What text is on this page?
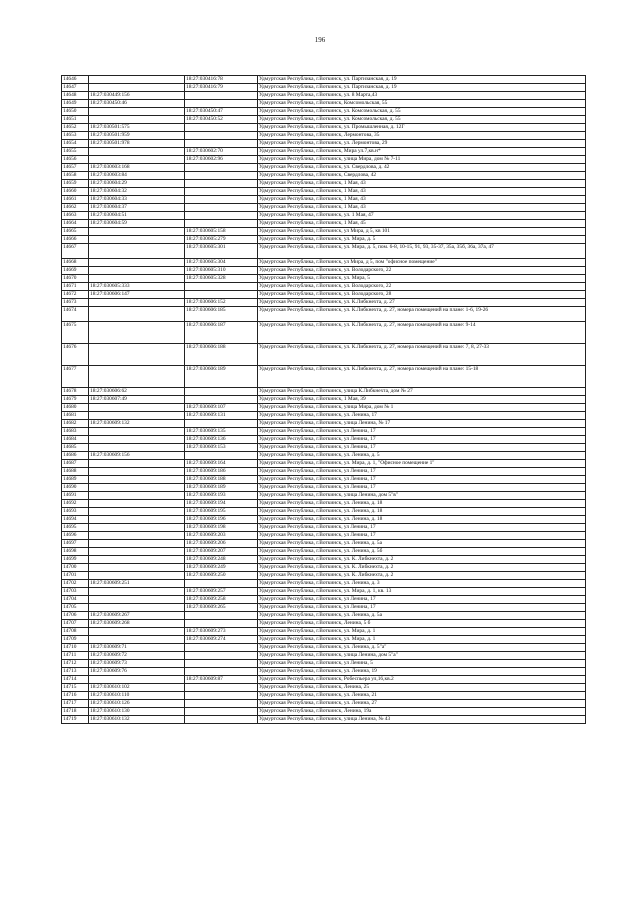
196
14646		18:27:030416:78	Удмуртская Республика, г.Воткинск, ул. Партизанская, д. 19
14647		18:27:030416:79	Удмуртская Республика, г.Воткинск, ул. Партизанская, д. 19
14648	18:27:030449:156		Удмуртская Республика, г.Воткинск, ул. 8 Марта,43
14649	18:27:030450:46		Удмуртская Республика, г.Воткинск, Комсомольская, 55
14650		18:27:030450:47	Удмуртская Республика, г.Воткинск, ул. Комсомольская, д. 55
14651		18:27:030450:52	Удмуртская Республика, г.Воткинск, ул. Комсомольская, д. 55
14652	18:27:030501:575		Удмуртская Республика, г.Воткинск, ул. Промышленная, д. 12Г
14653	18:27:030501:959		Удмуртская Республика, г.Воткинск, Лермонтова, 35
14654	18:27:030501:978		Удмуртская Республика, г.Воткинск, ул. Лермонтова, 29
14655		18:27:030602:70	Удмуртская Республика, г.Воткинск, Мира ул.7,кв.н*
14656		18:27:030602:96	Удмуртская Республика, г.Воткинск, улица Мира, дом № 7-11
14657	18:27:030603:168		Удмуртская Республика, г.Воткинск, ул. Свердлова, д. 42
14658	18:27:030603:84		Удмуртская Республика, г.Воткинск, Свердлова, 42
14659	18:27:030604:29		Удмуртская Республика, г.Воткинск, 1 Мая, 43
14660	18:27:030604:32		Удмуртская Республика, г.Воткинск, 1 Мая, 43
14661	18:27:030604:33		Удмуртская Республика, г.Воткинск, 1 Мая, 43
14662	18:27:030604:37		Удмуртская Республика, г.Воткинск, 1 Мая, 43
14663	18:27:030604:51		Удмуртская Республика, г.Воткинск, ул. 1 Мая, 47
14664	18:27:030604:59		Удмуртская Республика, г.Воткинск, 1 Мая, 45
14665		18:27:030605:158	Удмуртская Республика, г.Воткинск, ул Мира, д 5, кв 101
14666		18:27:030605:279	Удмуртская Республика, г.Воткинск, ул. Мира, д. 5
14667		18:27:030605:301	Удмуртская Республика, г.Воткинск, ул. Мира, д. 5, пом. 6-8, 10-15, 91, 93, 35-37, 35а, 35б, 36а, 37а, 47
14668		18:27:030605:304	Удмуртская Республика, г.Воткинск, ул Мира, д 5, пом "офисное помещение"
14669		18:27:030605:310	Удмуртская Республика, г.Воткинск, ул. Володарского, 22
14670		18:27:030605:328	Удмуртская Республика, г.Воткинск, ул. Мира, 5
14671	18:27:030605:333		Удмуртская Республика, г.Воткинск, ул. Володарского, 22
14672	18:27:030606:147		Удмуртская Республика, г.Воткинск, ул. Володарского, 28
14673		18:27:030606:152	Удмуртская Республика, г.Воткинск, ул. К.Либкнехта, д. 27
14674		18:27:030606:185	Удмуртская Республика, г.Воткинск, ул. К.Либкнехта, д. 27, номера помещений на плане: 1-6, 19-26
14675		18:27:030606:187	Удмуртская Республика, г.Воткинск, ул. К.Либкнехта, д. 27, номера помещений на плане: 9-14
14676		18:27:030606:188	Удмуртская Республика, г.Воткинск, ул. К.Либкнехта, д. 27, номера помещений на плане: 7, 8, 27-33
14677		18:27:030606:189	Удмуртская Республика, г.Воткинск, ул. К.Либкнехта, д. 27, номера помещений на плане: 15-18
14678	18:27:030606:62		Удмуртская Республика, г.Воткинск, улица К.Либкнехта, дом № 27
14679	18:27:030607:49		Удмуртская Республика, г.Воткинск, 1 Мая, 39
14680		18:27:030609:107	Удмуртская Республика, г.Воткинск, улица Мира, дом № 1
14681		18:27:030609:131	Удмуртская Республика, г.Воткинск, ул. Ленина, 17
14682	18:27:030609:132		Удмуртская Республика, г.Воткинск, улица Ленина, № 17
14683		18:27:030609:135	Удмуртская Республика, г.Воткинск, ул Ленина, 17
14684		18:27:030609:136	Удмуртская Республика, г.Воткинск, ул Ленина, 17
14685		18:27:030609:153	Удмуртская Республика, г.Воткинск, ул Ленина, 17
14686	18:27:030609:156		Удмуртская Республика, г.Воткинск, ул. Ленина, д. 5
14687		18:27:030609:164	Удмуртская Республика, г.Воткинск, ул. Мира, д. 1, "Офисное помещение 1"
14688		18:27:030609:186	Удмуртская Республика, г.Воткинск, ул Ленина, 17
14689		18:27:030609:188	Удмуртская Республика, г.Воткинск, ул Ленина, 17
14690		18:27:030609:189	Удмуртская Республика, г.Воткинск, ул Ленина, 17
14691		18:27:030609:193	Удмуртская Республика, г.Воткинск, улица Ленина, дом 5"в"
14692		18:27:030609:194	Удмуртская Республика, г.Воткинск, ул. Ленина, д. 18
14693		18:27:030609:195	Удмуртская Республика, г.Воткинск, ул. Ленина, д. 18
14694		18:27:030609:196	Удмуртская Республика, г.Воткинск, ул. Ленина, д. 18
14695		18:27:030609:198	Удмуртская Республика, г.Воткинск, ул Ленина, 17
14696		18:27:030609:203	Удмуртская Республика, г.Воткинск, ул Ленина, 17
14697		18:27:030609:206	Удмуртская Республика, г.Воткинск, ул. Ленина, д. 5а
14698		18:27:030609:207	Удмуртская Республика, г.Воткинск, ул. Ленина, д. 5б
14699		18:27:030609:248	Удмуртская Республика, г.Воткинск, ул. К. Либкнехта, д. 2
14700		18:27:030609:249	Удмуртская Республика, г.Воткинск, ул. К. Либкнехта, д. 2
14701		18:27:030609:250	Удмуртская Республика, г.Воткинск, ул. К. Либкнехта, д. 2
14702	18:27:030609:251		Удмуртская Республика, г.Воткинск, ул. Ленина, д. 3
14703		18:27:030609:257	Удмуртская Республика, г.Воткинск, ул. Мира, д. 1, кв. 13
14704		18:27:030609:258	Удмуртская Республика, г.Воткинск, ул Ленина, 17
14705		18:27:030609:265	Удмуртская Республика, г.Воткинск, ул Ленина, 17
14706	18:27:030609:267		Удмуртская Республика, г.Воткинск, ул. Ленина, д. 5а
14707	18:27:030609:268		Удмуртская Республика, г.Воткинск, Ленина, 5 б
14708		18:27:030609:273	Удмуртская Республика, г.Воткинск, ул. Мира, д. 1
14709		18:27:030609:274	Удмуртская Республика, г.Воткинск, ул. Мира, д. 1
14710	18:27:030609:71		Удмуртская Республика, г.Воткинск, ул. Ленина, д. 5"а"
14711	18:27:030609:72		Удмуртская Республика, г.Воткинск, улица Ленина, дом 5"а"
14712	18:27:030609:73		Удмуртская Республика, г.Воткинск, ул Ленина, 5
14713	18:27:030609:76		Удмуртская Республика, г.Воткинск, ул. Ленина, 19
14714		18:27:030609:87	Удмуртская Республика, г.Воткинск, Робеспьера ул,16,кв.2
14715	18:27:030610:102		Удмуртская Республика, г.Воткинск, Ленина, 25
14716	18:27:030610:110		Удмуртская Республика, г.Воткинск, ул. Ленина, 21
14717	18:27:030610:126		Удмуртская Республика, г.Воткинск, ул. Ленина, 27
14718	18:27:030610:130		Удмуртская Республика, г.Воткинск, Ленина, 19а
14719	18:27:030610:132		Удмуртская Республика, г.Воткинск, улица Ленина, № 43
